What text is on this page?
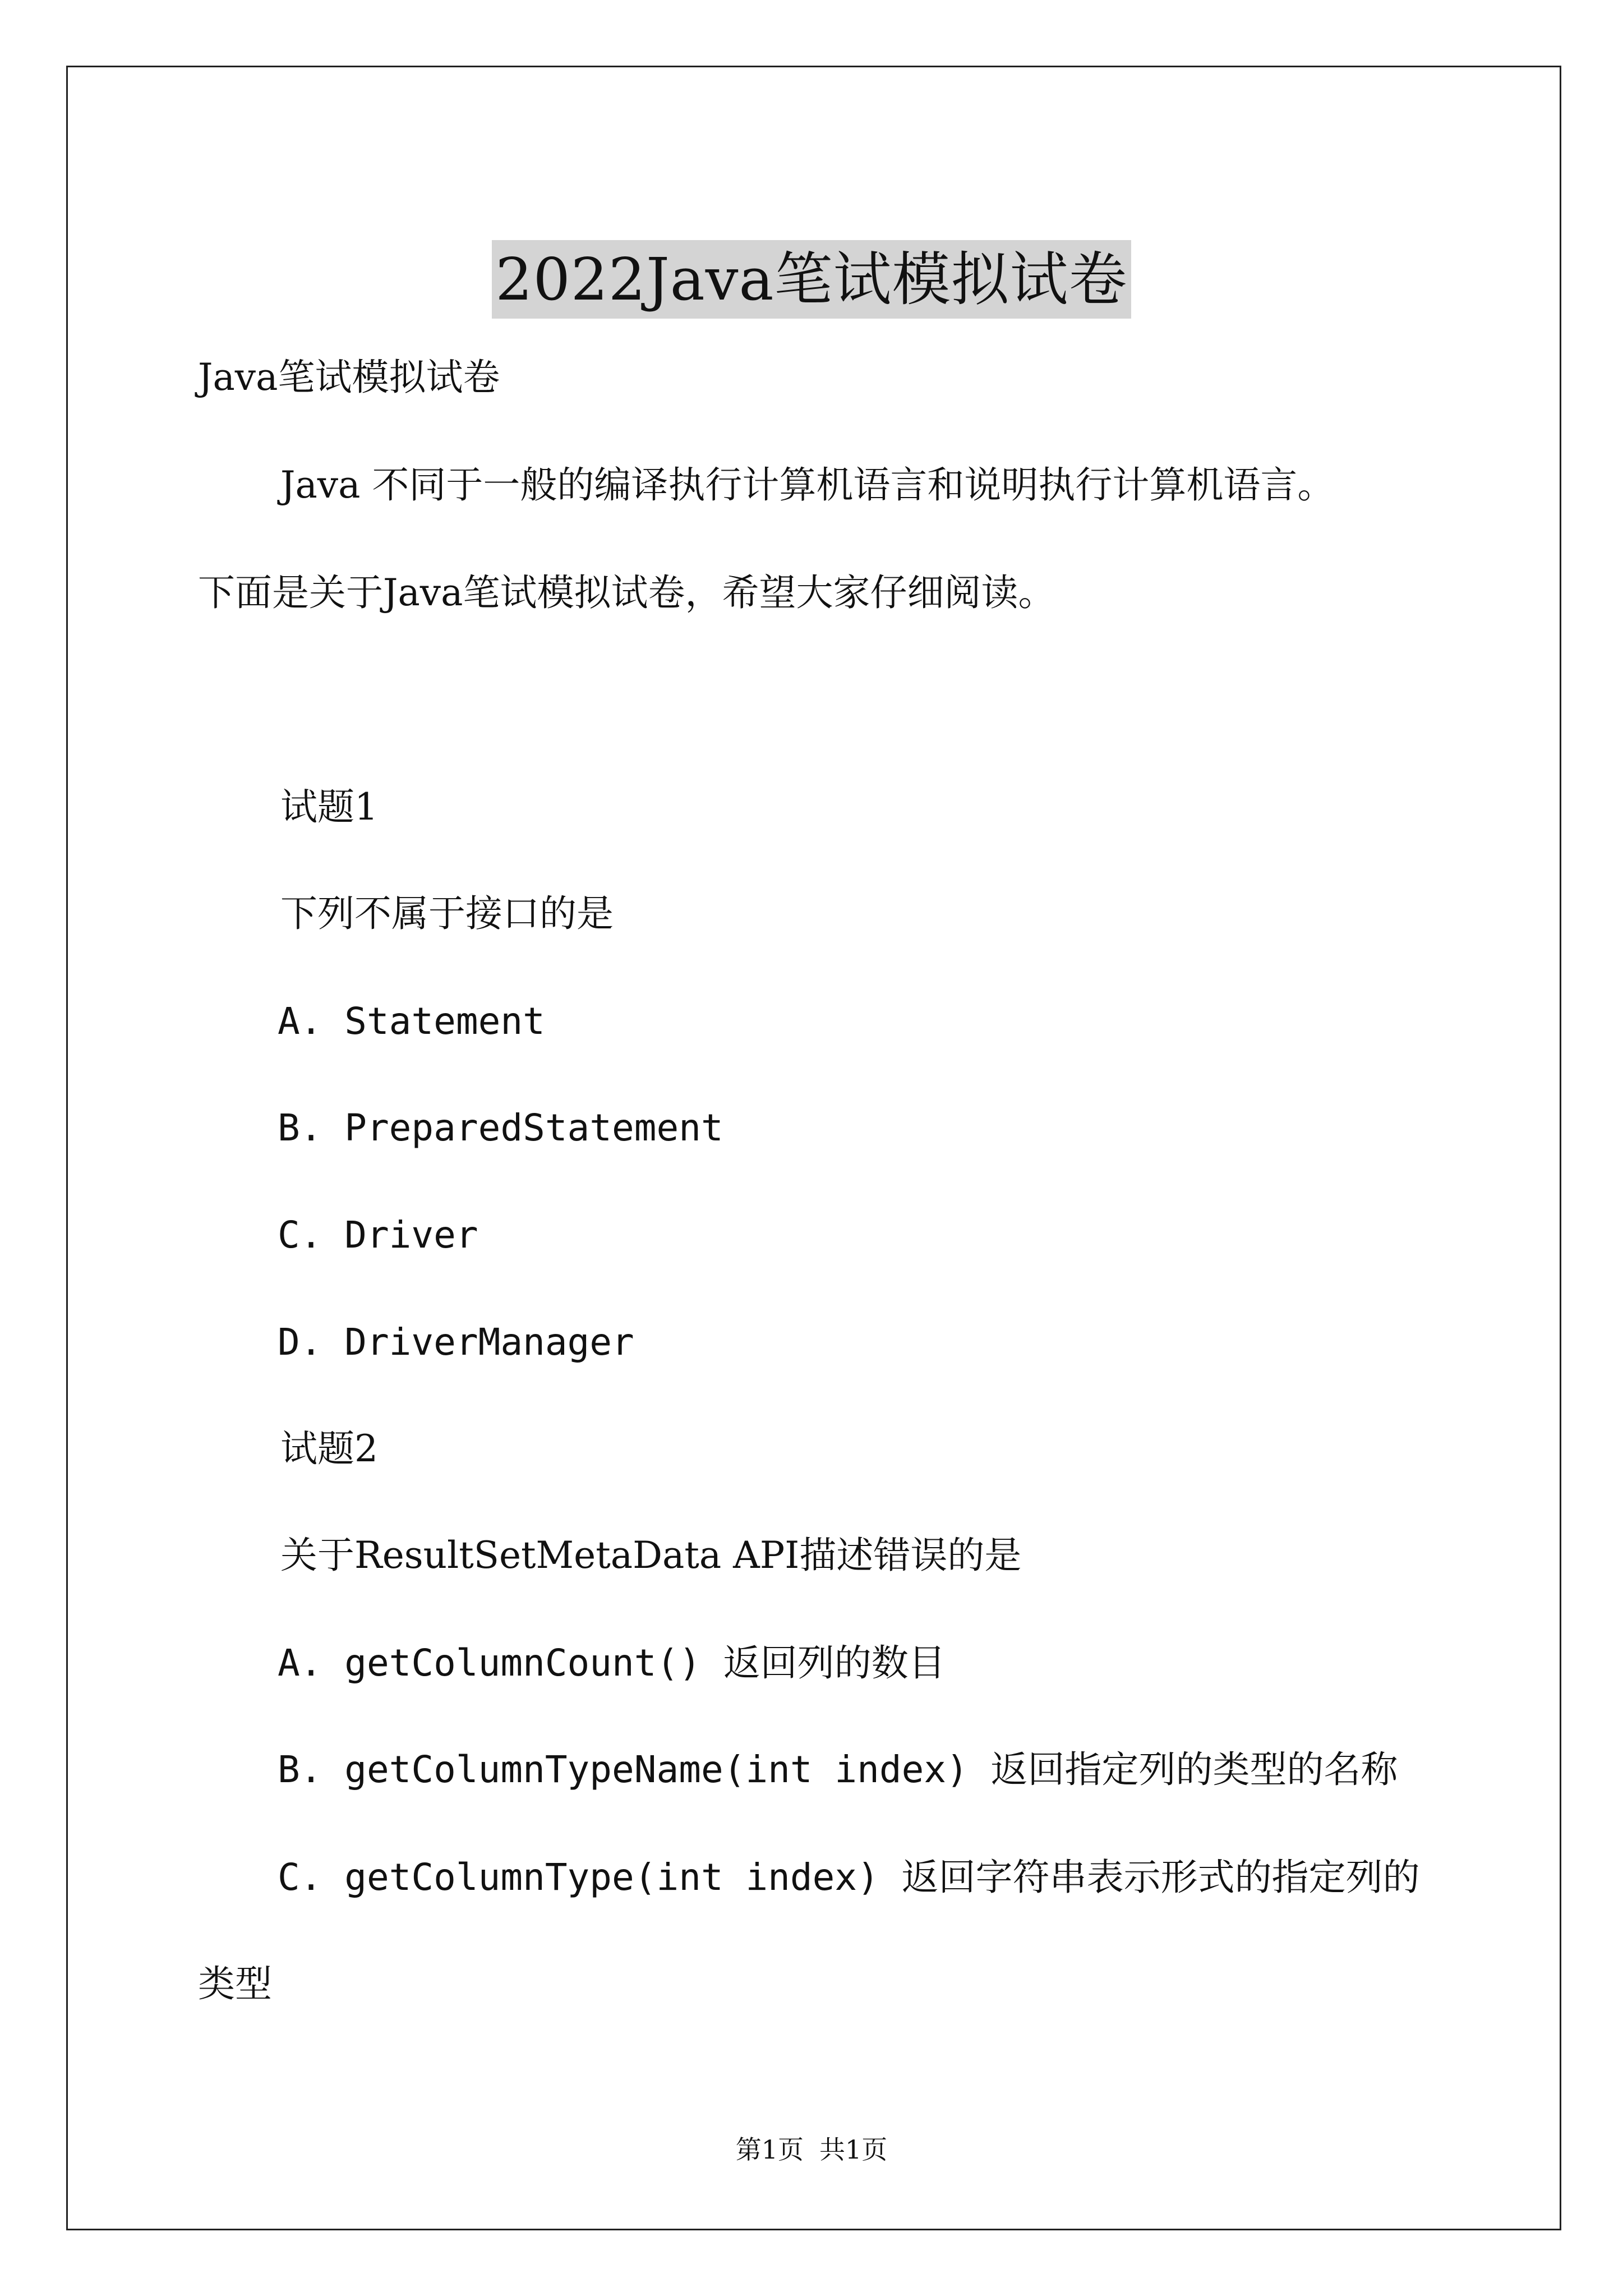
2022Java笔试模拟试卷
Java笔试模拟试卷
Java 不同于一般的编译执行计算机语言和说明执行计算机语言。
下面是关于Java笔试模拟试卷，希望大家仔细阅读。
试题1
下列不属于接口的是
A. Statement
B. PreparedStatement
C. Driver
D. DriverManager
试题2
关于ResultSetMetaData API描述错误的是
A. getColumnCount() 返回列的数目
B. getColumnTypeName(int index) 返回指定列的类型的名称
C. getColumnType(int index) 返回字符串表示形式的指定列的
类型
第1页 共1页
